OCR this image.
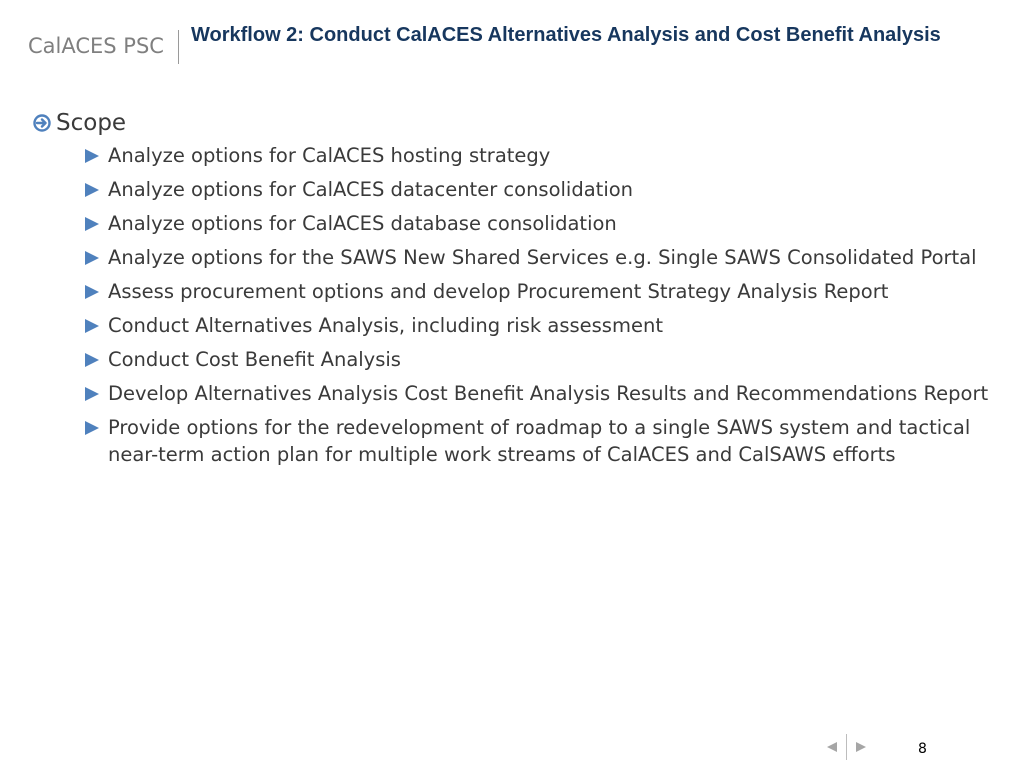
CalACES PSC Workflow 2: Conduct CalACES Alternatives Analysis and Cost Benefit Analysis
Scope
Analyze options for CalACES hosting strategy
Analyze options for CalACES datacenter consolidation
Analyze options for CalACES database consolidation
Analyze options for the SAWS New Shared Services e.g. Single SAWS Consolidated Portal
Assess procurement options and develop Procurement Strategy Analysis Report
Conduct Alternatives Analysis, including risk assessment
Conduct Cost Benefit Analysis
Develop Alternatives Analysis Cost Benefit Analysis Results and Recommendations Report
Provide options for the redevelopment of roadmap to a single SAWS system and tactical near-term action plan for multiple work streams of CalACES and CalSAWS efforts
8
